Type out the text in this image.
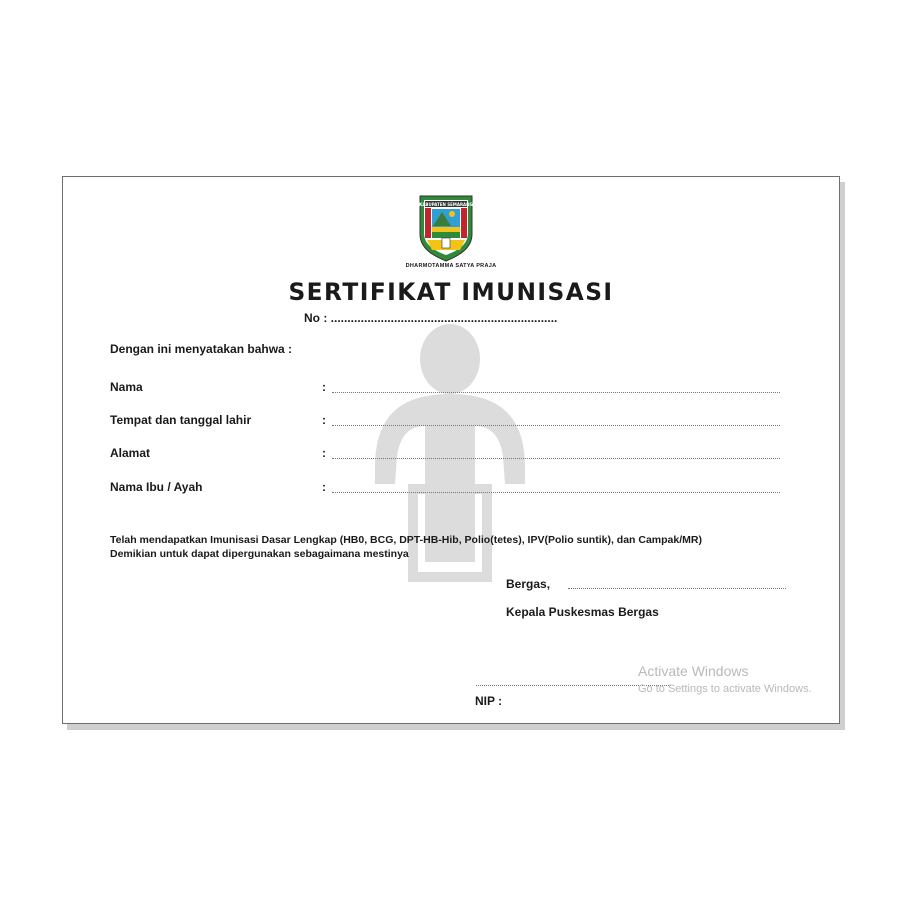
KABUPATEN SEMARANG
DHARMOTAMMA SATYA PRAJA
SERTIFIKAT IMUNISASI
No : ....................................................................
Dengan ini menyatakan bahwa :
Nama	:
Tempat dan tanggal lahir	:
Alamat	:
Nama Ibu / Ayah	:
Telah mendapatkan Imunisasi Dasar Lengkap (HB0, BCG, DPT-HB-Hib, Polio(tetes), IPV(Polio suntik), dan Campak/MR)
Demikian untuk dapat dipergunakan sebagaimana mestinya
Bergas,
Kepala Puskesmas Bergas
NIP :
Activate Windows
Go to Settings to activate Windows.
